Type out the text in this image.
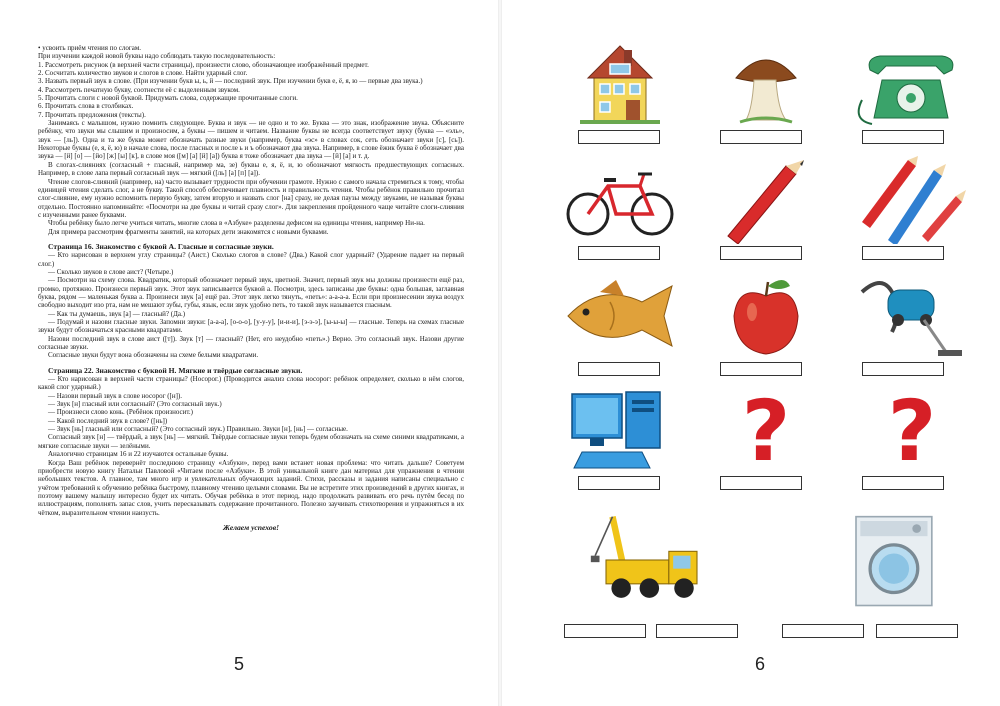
• усвоить приём чтения по слогам.

При изучении каждой новой буквы надо соблюдать такую последовательность:

1. Рассмотреть рисунок (в верхней части страницы), произнести слово, обозначающее изображённый предмет.

2. Сосчитать количество звуков и слогов в слове. Найти ударный слог.

3. Назвать первый звук в слове. (При изучении букв ы, ь, й — последний звук. При изучении букв е, ё, я, ю — первые два звука.)

4. Рассмотреть печатную букву, соотнести её с выделенным звуком.

5. Прочитать слоги с новой буквой. Придумать слова, содержащие прочитанные слоги.

6. Прочитать слова в столбиках.

7. Прочитать предложения (тексты).

Занимаясь с малышом, нужно помнить следующее. Буква и звук — не одно и то же. Буква — это знак, изображение звука. Объясните ребёнку, что звуки мы слышим и произносим, а буквы — пишем и читаем. Название буквы не всегда соответствует звуку (буква — «эль», звук — [ль]). Одна и та же буква может обозначать разные звуки (например, буква «эс» в словах сок, сеть обозначает звуки [с], [сь]). Некоторые буквы (е, я, ё, ю) в начале слова, после гласных и после ь и ъ обозначают два звука. Например, в слове ёжик буква ё обозначает два звука — [й] [о] — [йо] [ж] [ы] [к], в слове моя ([м] [а] [й] [а]) буква я тоже обозначает два звука — [й] [а] и т. д.

В слогах-слияниях (согласный + гласный, например ма, зе) буквы е, я, ё, и, ю обозначают мягкость предшествующих согласных. Например, в слове лапа первый согласный звук — мягкий ([ль] [а] [п] [а]).

Чтение слогов-слияний (например, на) часто вызывает трудности при обучении грамоте. Нужно с самого начала стремиться к тому, чтобы единицей чтения сделать слог, а не букву. Такой способ обеспечивает плавность и правильность чтения. Чтобы ребёнок правильно прочитал слог-слияние, ему нужно вспомнить первую букву, затем вторую и назвать слог [на] сразу, не делая паузы между звуками, не называя буквы отдельно. Постоянно напоминайте: «Посмотри на две буквы и читай сразу слог». Для закрепления пройденного чаще читайте слоги-слияния с изученными ранее буквами.

Чтобы ребёнку было легче учиться читать, многие слова в «Азбуке» разделены дефисом на единицы чтения, например Ни-на.

Для примера рассмотрим фрагменты занятий, на которых дети знакомятся с новыми буквами.

Страница 16. Знакомство с буквой А. Гласные и согласные звуки.

— Кто нарисован в верхнем углу страницы? (Аист.) Сколько слогов в слове? (Два.) Какой слог ударный? (Ударение падает на первый слог.)

— Сколько звуков в слове аист? (Четыре.)

— Посмотри на схему слова. Квадратик, который обозначает первый звук, цветной. Значит, первый звук мы должны произнести ещё раз, громко, протяжно. Произнеси первый звук. Этот звук записывается буквой а. Посмотри, здесь записаны две буквы: одна большая, заглавная буква, рядом — маленькая буква а. Произнеси звук [а] ещё раз. Этот звук легко тянуть, «петь»: а-а-а-а. Если при произнесении звука воздух свободно выходит изо рта, нам не мешают зубы, губы, язык, если звук удобно петь, то такой звук называется гласным.

— Как ты думаешь, звук [а] — гласный? (Да.)

— Подумай и назови гласные звуки. Запомни звуки: [а-а-а], [о-о-о], [у-у-у], [и-и-и], [э-э-э], [ы-ы-ы] — гласные. Теперь на схемах гласные звуки будут обозначаться красными квадратами.

Назови последний звук в слове аист ([т]). Звук [т] — гласный? (Нет, его неудобно «петь».) Верно. Это согласный звук. Назови другие согласные звуки.

Согласные звуки будут вона обозначены на схеме белыми квадратами.

Страница 22. Знакомство с буквой Н. Мягкие и твёрдые согласные звуки.

— Кто нарисован в верхней части страницы? (Носорог.) (Проводится анализ слова носорог: ребёнок определяет, сколько в нём слогов, какой слог ударный.)

— Назови первый звук в слове носорог ([н]).

— Звук [н] гласный или согласный? (Это согласный звук.)

— Произнеси слово конь. (Ребёнок произносит.)

— Какой последний звук в слове? ([нь])

— Звук [нь] гласный или согласный? (Это согласный звук.) Правильно. Звуки [н], [нь] — согласные.

Согласный звук [н] — твёрдый, а звук [нь] — мягкий. Твёрдые согласные звуки теперь будем обозначать на схеме синими квадратиками, а мягкие согласные звуки — зелёными.

Аналогично страницам 16 и 22 изучаются остальные буквы.

Когда Ваш ребёнок перевернёт последнюю страницу «Азбуки», перед вами встанет новая проблема: что читать дальше? Советуем приобрести новую книгу Натальи Павловой «Читаем после «Азбуки». В этой уникальной книге дан материал для упражнения в чтении небольших текстов. А главное, там много игр и увлекательных обучающих заданий. Стихи, рассказы и задания написаны специально с учётом требований к обучению ребёнка быстрому, плавному чтению целыми словами. Вы не встретите этих произведений в других книгах, и поэтому вашему малышу интересно будет их читать. Обучая ребёнка в этот период, надо продолжать развивать его речь путём бесед по иллюстрациям, пополнять запас слов, учить пересказывать содержание прочитанного. Полезно заучивать стихотворения и упражняться в их чётком, выразительном чтении наизусть.

Желаем успехов!

5
? ?
6
